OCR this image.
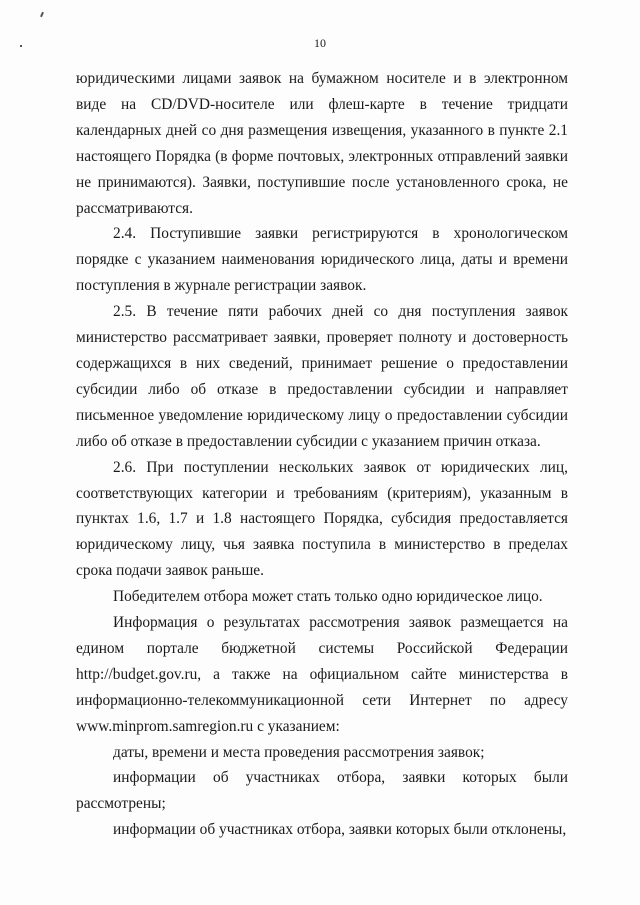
10

юридическими лицами заявок на бумажном носителе и в электронном виде на CD/DVD-носителе или флеш-карте в течение тридцати календарных дней со дня размещения извещения, указанного в пункте 2.1 настоящего Порядка (в форме почтовых, электронных отправлений заявки не принимаются). Заявки, поступившие после установленного срока, не рассматриваются.

2.4. Поступившие заявки регистрируются в хронологическом порядке с указанием наименования юридического лица, даты и времени поступления в журнале регистрации заявок.

2.5. В течение пяти рабочих дней со дня поступления заявок министерство рассматривает заявки, проверяет полноту и достоверность содержащихся в них сведений, принимает решение о предоставлении субсидии либо об отказе в предоставлении субсидии и направляет письменное уведомление юридическому лицу о предоставлении субсидии либо об отказе в предоставлении субсидии с указанием причин отказа.

2.6. При поступлении нескольких заявок от юридических лиц, соответствующих категории и требованиям (критериям), указанным в пунктах 1.6, 1.7 и 1.8 настоящего Порядка, субсидия предоставляется юридическому лицу, чья заявка поступила в министерство в пределах срока подачи заявок раньше.

Победителем отбора может стать только одно юридическое лицо.

Информация о результатах рассмотрения заявок размещается на едином портале бюджетной системы Российской Федерации http://budget.gov.ru, а также на официальном сайте министерства в информационно-телекоммуникационной сети Интернет по адресу www.minprom.samregion.ru с указанием:

даты, времени и места проведения рассмотрения заявок;

информации об участниках отбора, заявки которых были рассмотрены;

информации об участниках отбора, заявки которых были отклонены,
